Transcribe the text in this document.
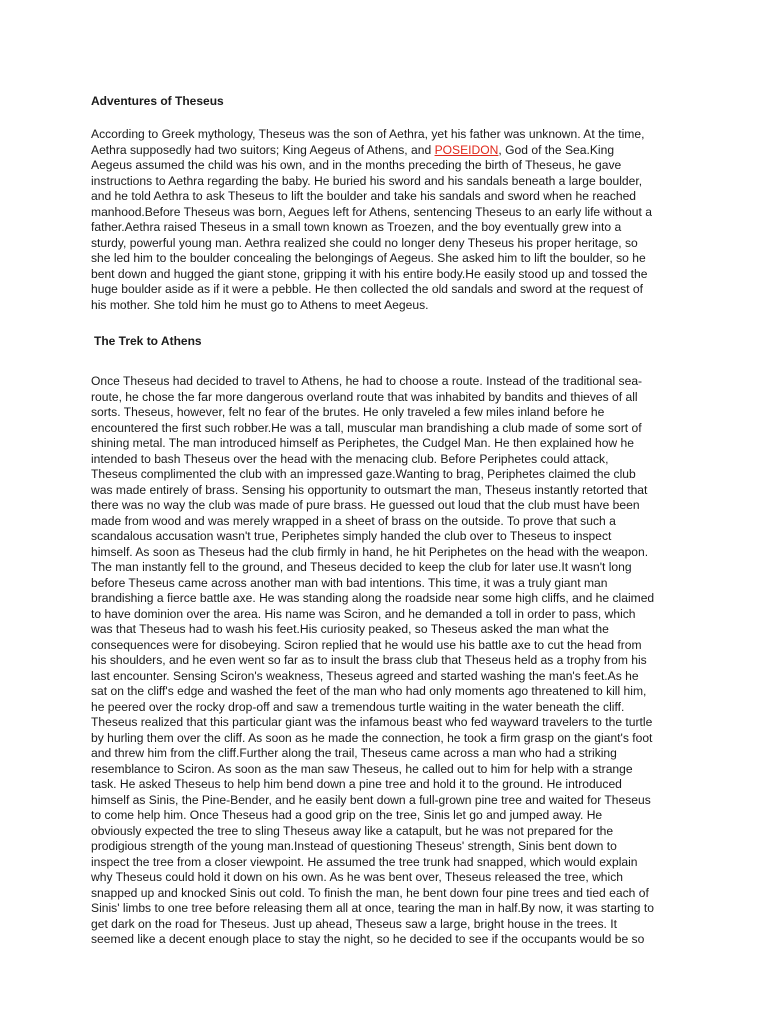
Adventures of Theseus
According to Greek mythology, Theseus was the son of Aethra, yet his father was unknown. At the time,
Aethra supposedly had two suitors; King Aegeus of Athens, and POSEIDON, God of the Sea.King
Aegeus assumed the child was his own, and in the months preceding the birth of Theseus, he gave
instructions to Aethra regarding the baby. He buried his sword and his sandals beneath a large boulder,
and he told Aethra to ask Theseus to lift the boulder and take his sandals and sword when he reached
manhood.Before Theseus was born, Aegues left for Athens, sentencing Theseus to an early life without a
father.Aethra raised Theseus in a small town known as Troezen, and the boy eventually grew into a
sturdy, powerful young man. Aethra realized she could no longer deny Theseus his proper heritage, so
she led him to the boulder concealing the belongings of Aegeus. She asked him to lift the boulder, so he
bent down and hugged the giant stone, gripping it with his entire body.He easily stood up and tossed the
huge boulder aside as if it were a pebble. He then collected the old sandals and sword at the request of
his mother. She told him he must go to Athens to meet Aegeus.
The Trek to Athens
Once Theseus had decided to travel to Athens, he had to choose a route. Instead of the traditional sea-
route, he chose the far more dangerous overland route that was inhabited by bandits and thieves of all
sorts. Theseus, however, felt no fear of the brutes. He only traveled a few miles inland before he
encountered the first such robber.He was a tall, muscular man brandishing a club made of some sort of
shining metal. The man introduced himself as Periphetes, the Cudgel Man. He then explained how he
intended to bash Theseus over the head with the menacing club. Before Periphetes could attack,
Theseus complimented the club with an impressed gaze.Wanting to brag, Periphetes claimed the club
was made entirely of brass. Sensing his opportunity to outsmart the man, Theseus instantly retorted that
there was no way the club was made of pure brass. He guessed out loud that the club must have been
made from wood and was merely wrapped in a sheet of brass on the outside. To prove that such a
scandalous accusation wasn't true, Periphetes simply handed the club over to Theseus to inspect
himself. As soon as Theseus had the club firmly in hand, he hit Periphetes on the head with the weapon.
The man instantly fell to the ground, and Theseus decided to keep the club for later use.It wasn't long
before Theseus came across another man with bad intentions. This time, it was a truly giant man
brandishing a fierce battle axe. He was standing along the roadside near some high cliffs, and he claimed
to have dominion over the area. His name was Sciron, and he demanded a toll in order to pass, which
was that Theseus had to wash his feet.His curiosity peaked, so Theseus asked the man what the
consequences were for disobeying. Sciron replied that he would use his battle axe to cut the head from
his shoulders, and he even went so far as to insult the brass club that Theseus held as a trophy from his
last encounter. Sensing Sciron's weakness, Theseus agreed and started washing the man's feet.As he
sat on the cliff's edge and washed the feet of the man who had only moments ago threatened to kill him,
he peered over the rocky drop-off and saw a tremendous turtle waiting in the water beneath the cliff.
Theseus realized that this particular giant was the infamous beast who fed wayward travelers to the turtle
by hurling them over the cliff. As soon as he made the connection, he took a firm grasp on the giant's foot
and threw him from the cliff.Further along the trail, Theseus came across a man who had a striking
resemblance to Sciron. As soon as the man saw Theseus, he called out to him for help with a strange
task. He asked Theseus to help him bend down a pine tree and hold it to the ground. He introduced
himself as Sinis, the Pine-Bender, and he easily bent down a full-grown pine tree and waited for Theseus
to come help him. Once Theseus had a good grip on the tree, Sinis let go and jumped away. He
obviously expected the tree to sling Theseus away like a catapult, but he was not prepared for the
prodigious strength of the young man.Instead of questioning Theseus' strength, Sinis bent down to
inspect the tree from a closer viewpoint. He assumed the tree trunk had snapped, which would explain
why Theseus could hold it down on his own. As he was bent over, Theseus released the tree, which
snapped up and knocked Sinis out cold. To finish the man, he bent down four pine trees and tied each of
Sinis' limbs to one tree before releasing them all at once, tearing the man in half.By now, it was starting to
get dark on the road for Theseus. Just up ahead, Theseus saw a large, bright house in the trees. It
seemed like a decent enough place to stay the night, so he decided to see if the occupants would be so
